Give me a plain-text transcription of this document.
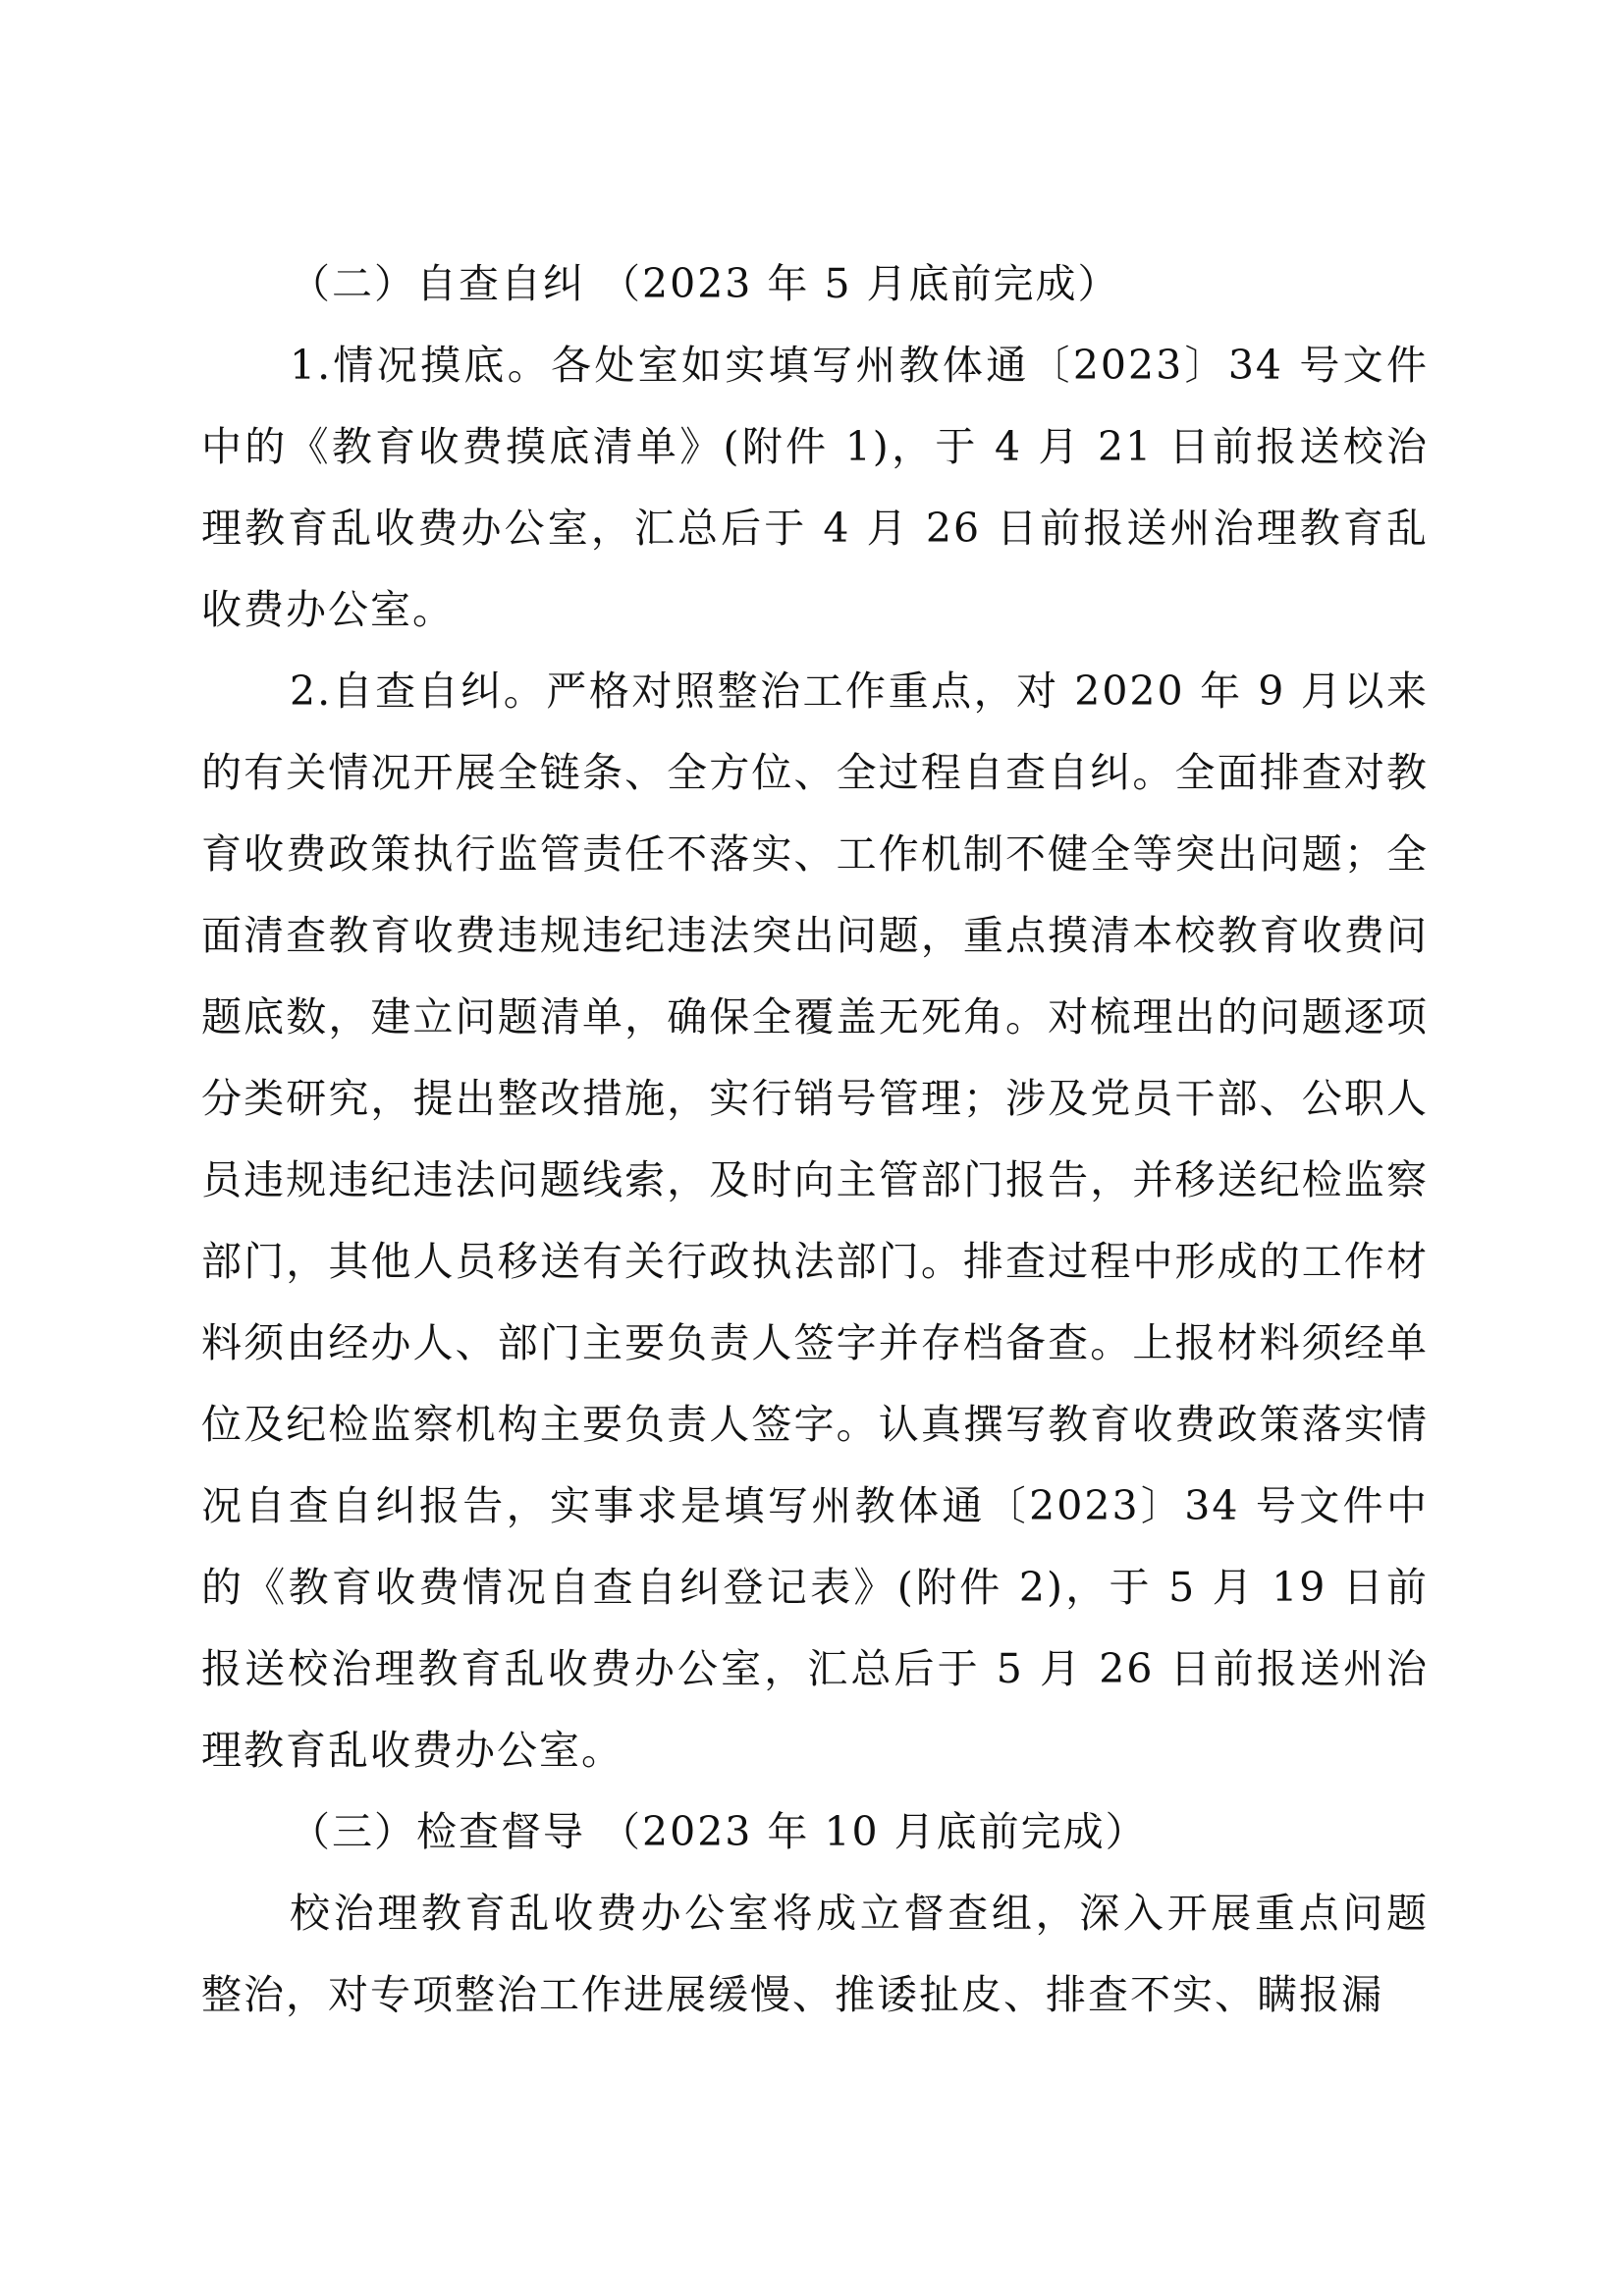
（二）自查自纠 （2023 年 5 月底前完成）

1.情况摸底。各处室如实填写州教体通〔2023〕34 号文件中的《教育收费摸底清单》(附件 1)，于 4 月 21 日前报送校治理教育乱收费办公室，汇总后于 4 月 26 日前报送州治理教育乱收费办公室。

2.自查自纠。严格对照整治工作重点，对 2020 年 9 月以来的有关情况开展全链条、全方位、全过程自查自纠。全面排查对教育收费政策执行监管责任不落实、工作机制不健全等突出问题；全面清查教育收费违规违纪违法突出问题，重点摸清本校教育收费问题底数，建立问题清单，确保全覆盖无死角。对梳理出的问题逐项分类研究，提出整改措施，实行销号管理；涉及党员干部、公职人员违规违纪违法问题线索，及时向主管部门报告，并移送纪检监察部门，其他人员移送有关行政执法部门。排查过程中形成的工作材料须由经办人、部门主要负责人签字并存档备查。上报材料须经单位及纪检监察机构主要负责人签字。认真撰写教育收费政策落实情况自查自纠报告，实事求是填写州教体通〔2023〕34 号文件中的《教育收费情况自查自纠登记表》(附件 2)，于 5 月 19 日前报送校治理教育乱收费办公室，汇总后于 5 月 26 日前报送州治理教育乱收费办公室。

（三）检查督导 （2023 年 10 月底前完成）

校治理教育乱收费办公室将成立督查组，深入开展重点问题整治，对专项整治工作进展缓慢、推诿扯皮、排查不实、瞒报漏
